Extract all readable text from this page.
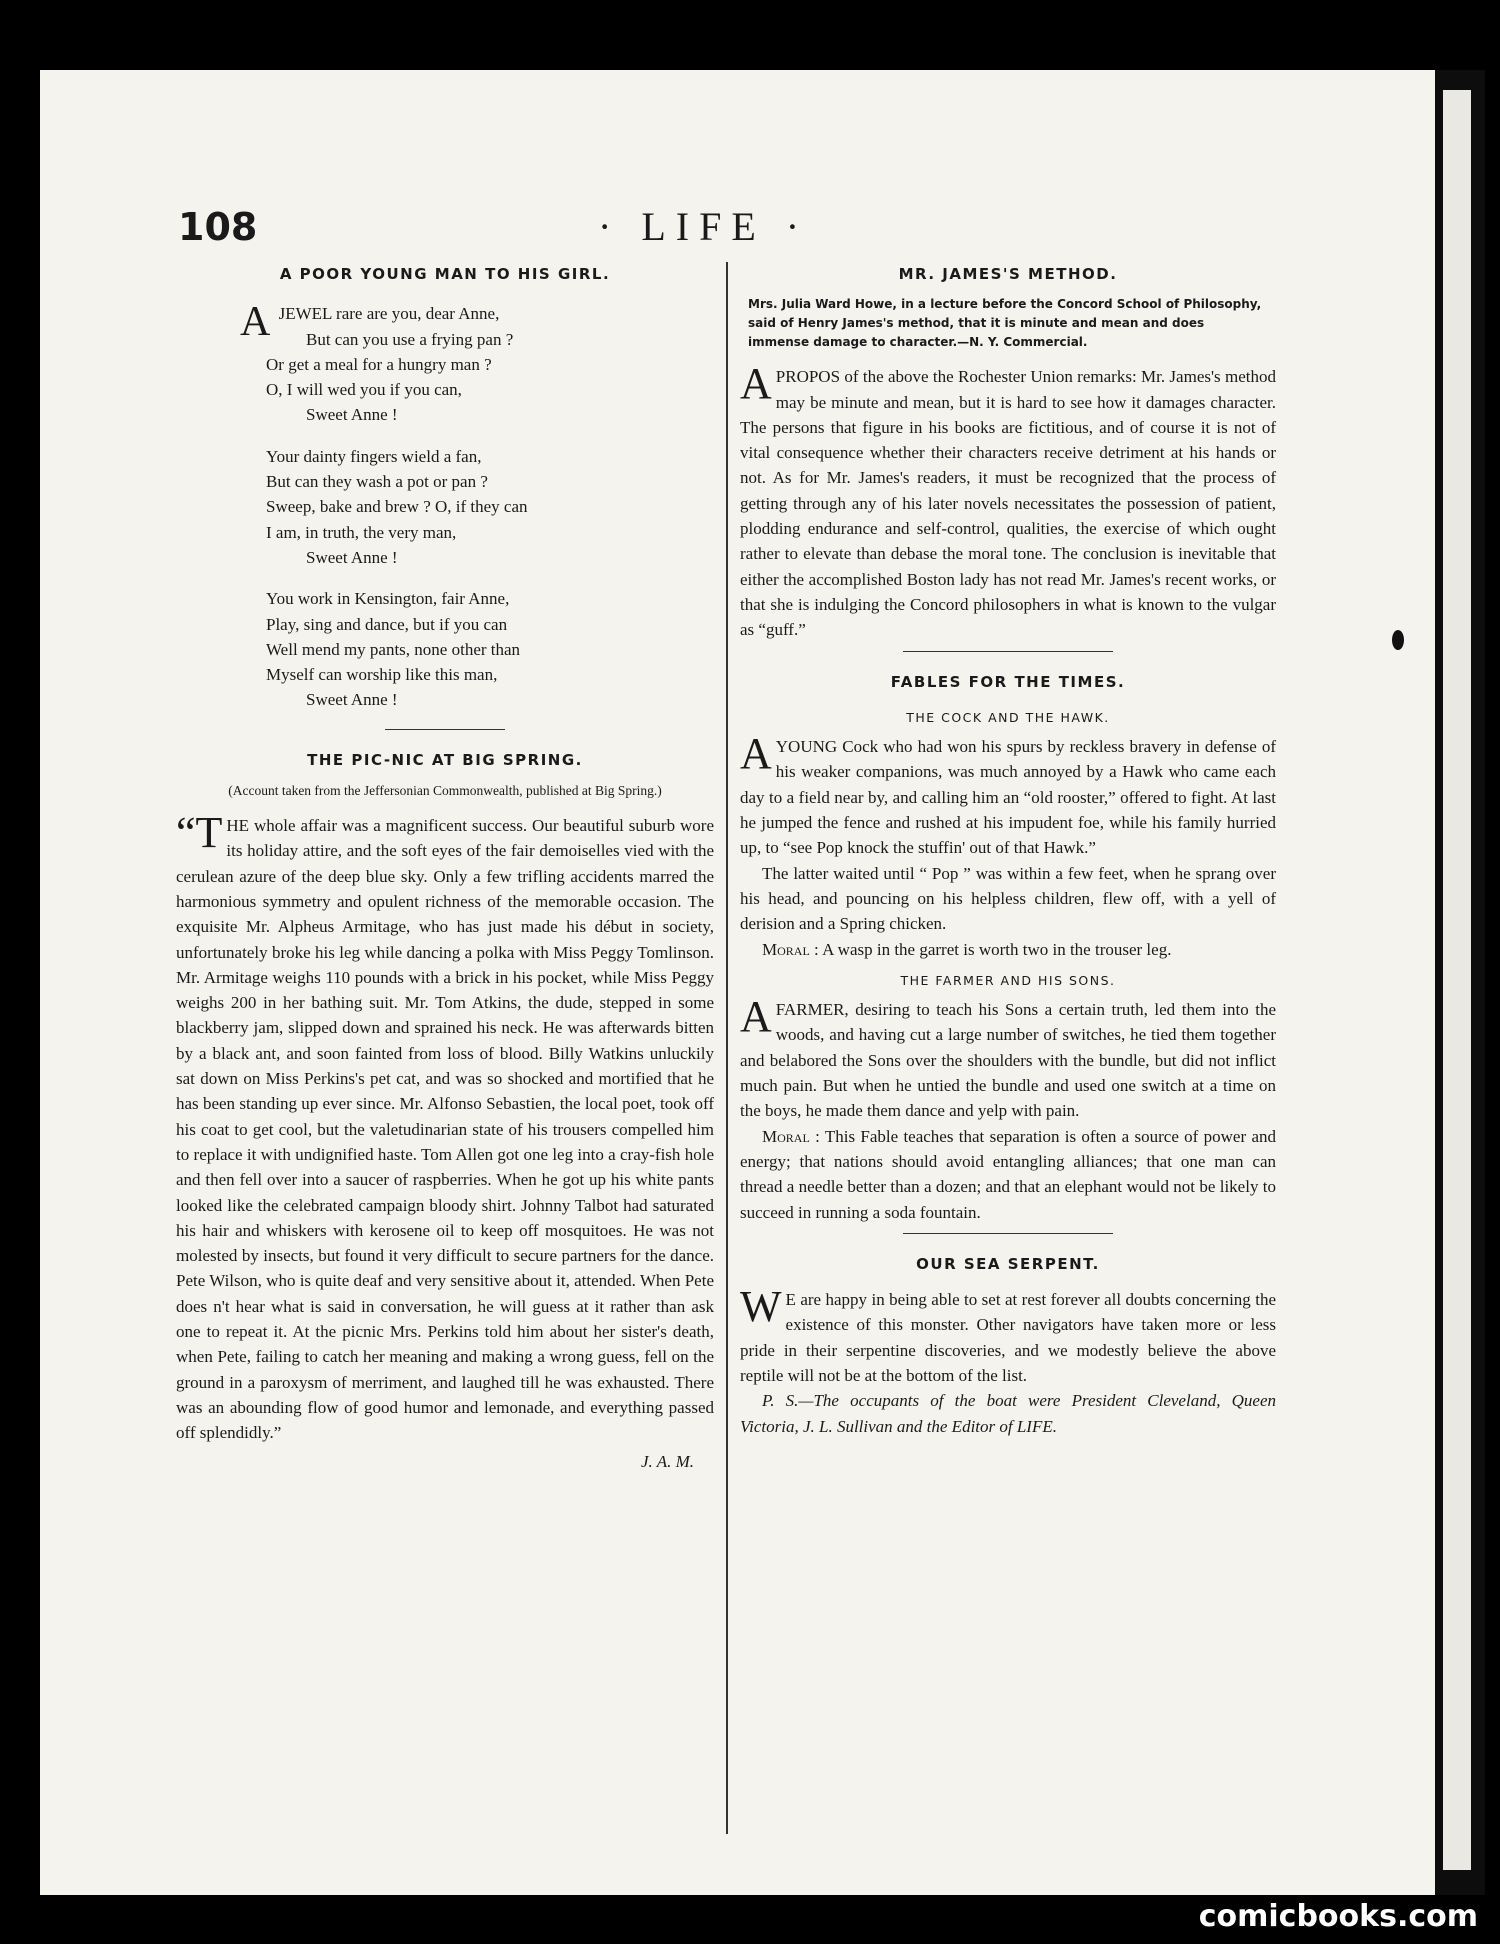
108	· LIFE ·
A POOR YOUNG MAN TO HIS GIRL.
A JEWEL rare are you, dear Anne,
But can you use a frying pan ?
Or get a meal for a hungry man ?
O, I will wed you if you can,
Sweet Anne !
Your dainty fingers wield a fan,
But can they wash a pot or pan ?
Sweep, bake and brew ? O, if they can
I am, in truth, the very man,
Sweet Anne !
You work in Kensington, fair Anne,
Play, sing and dance, but if you can
Well mend my pants, none other than
Myself can worship like this man,
Sweet Anne !
THE PIC-NIC AT BIG SPRING.
(Account taken from the Jeffersonian Commonwealth, published at Big Spring.)

“THE whole affair was a magnificent success. Our beautiful suburb wore its holiday attire, and the soft eyes of the fair demoiselles vied with the cerulean azure of the deep blue sky. Only a few trifling accidents marred the harmonious symmetry and opulent richness of the memorable occasion. The exquisite Mr. Alpheus Armitage, who has just made his début in society, unfortunately broke his leg while dancing a polka with Miss Peggy Tomlinson. Mr. Armitage weighs 110 pounds with a brick in his pocket, while Miss Peggy weighs 200 in her bathing suit. Mr. Tom Atkins, the dude, stepped in some blackberry jam, slipped down and sprained his neck. He was afterwards bitten by a black ant, and soon fainted from loss of blood. Billy Watkins unluckily sat down on Miss Perkins's pet cat, and was so shocked and mortified that he has been standing up ever since. Mr. Alfonso Sebastien, the local poet, took off his coat to get cool, but the valetudinarian state of his trousers compelled him to replace it with undignified haste. Tom Allen got one leg into a cray-fish hole and then fell over into a saucer of raspberries. When he got up his white pants looked like the celebrated campaign bloody shirt. Johnny Talbot had saturated his hair and whiskers with kerosene oil to keep off mosquitoes. He was not molested by insects, but found it very difficult to secure partners for the dance. Pete Wilson, who is quite deaf and very sensitive about it, attended. When Pete does n't hear what is said in conversation, he will guess at it rather than ask one to repeat it. At the picnic Mrs. Perkins told him about her sister's death, when Pete, failing to catch her meaning and making a wrong guess, fell on the ground in a paroxysm of merriment, and laughed till he was exhausted. There was an abounding flow of good humor and lemonade, and everything passed off splendidly.”

J. A. M.
MR. JAMES'S METHOD.
Mrs. Julia Ward Howe, in a lecture before the Concord School of Philosophy, said of Henry James's method, that it is minute and mean and does immense damage to character.—N. Y. Commercial.

APROPOS of the above the Rochester Union remarks: Mr. James's method may be minute and mean, but it is hard to see how it damages character. The persons that figure in his books are fictitious, and of course it is not of vital consequence whether their characters receive detriment at his hands or not. As for Mr. James's readers, it must be recognized that the process of getting through any of his later novels necessitates the possession of patient, plodding endurance and self-control, qualities, the exercise of which ought rather to elevate than debase the moral tone. The conclusion is inevitable that either the accomplished Boston lady has not read Mr. James's recent works, or that she is indulging the Concord philosophers in what is known to the vulgar as “guff.”

FABLES FOR THE TIMES.
THE COCK AND THE HAWK.

AYOUNG Cock who had won his spurs by reckless bravery in defense of his weaker companions, was much annoyed by a Hawk who came each day to a field near by, and calling him an “old rooster,” offered to fight. At last he jumped the fence and rushed at his impudent foe, while his family hurried up, to “see Pop knock the stuffin' out of that Hawk.”

The latter waited until “ Pop ” was within a few feet, when he sprang over his head, and pouncing on his helpless children, flew off, with a yell of derision and a Spring chicken.

Moral : A wasp in the garret is worth two in the trouser leg.

THE FARMER AND HIS SONS.

AFARMER, desiring to teach his Sons a certain truth, led them into the woods, and having cut a large number of switches, he tied them together and belabored the Sons over the shoulders with the bundle, but did not inflict much pain. But when he untied the bundle and used one switch at a time on the boys, he made them dance and yelp with pain.

Moral : This Fable teaches that separation is often a source of power and energy; that nations should avoid entangling alliances; that one man can thread a needle better than a dozen; and that an elephant would not be likely to succeed in running a soda fountain.

OUR SEA SERPENT.

WE are happy in being able to set at rest forever all doubts concerning the existence of this monster. Other navigators have taken more or less pride in their serpentine discoveries, and we modestly believe the above reptile will not be at the bottom of the list.

P. S.—The occupants of the boat were President Cleveland, Queen Victoria, J. L. Sullivan and the Editor of LIFE.

comicbooks.com
